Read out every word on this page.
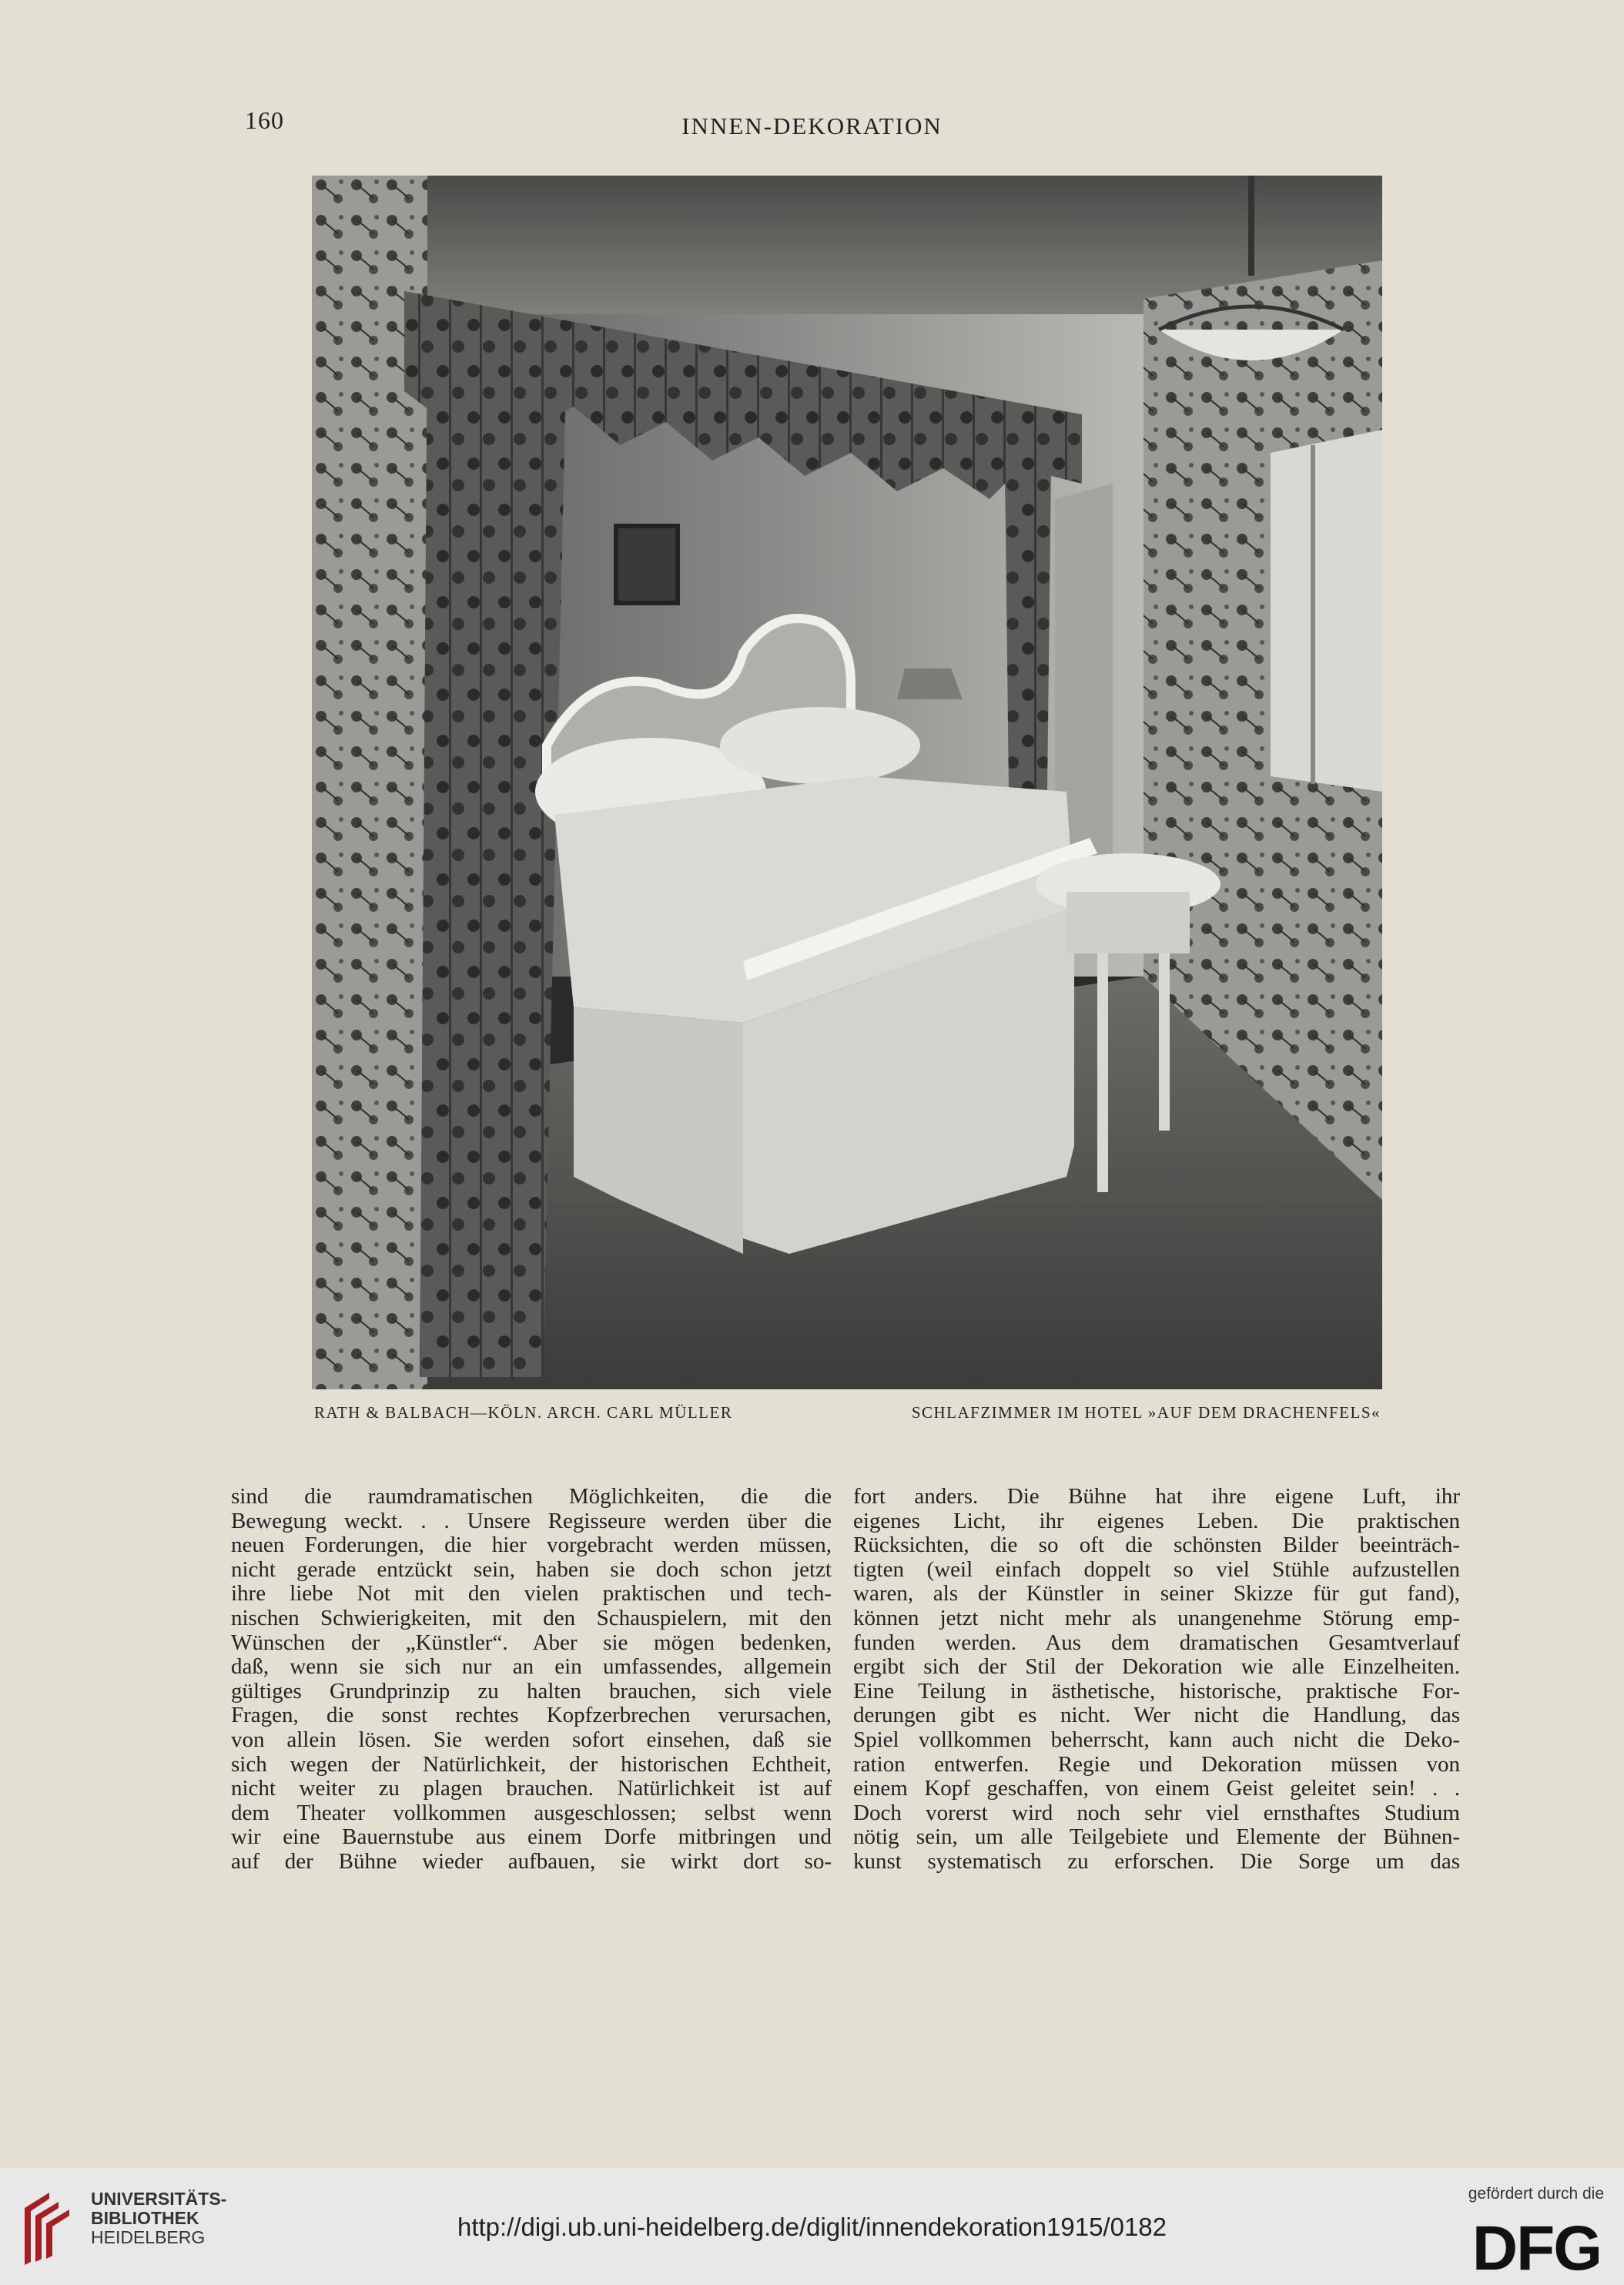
160	INNEN-DEKORATION
RATH & BALBACH—KÖLN. ARCH. CARL MÜLLER	SCHLAFZIMMER IM HOTEL »AUF DEM DRACHENFELS«
sind die raumdramatischen Möglichkeiten, die die
Bewegung weckt. . . Unsere Regisseure werden über die
neuen Forderungen, die hier vorgebracht werden müssen,
nicht gerade entzückt sein, haben sie doch schon jetzt
ihre liebe Not mit den vielen praktischen und tech-
nischen Schwierigkeiten, mit den Schauspielern, mit den
Wünschen der „Künstler“. Aber sie mögen bedenken,
daß, wenn sie sich nur an ein umfassendes, allgemein
gültiges Grundprinzip zu halten brauchen, sich viele
Fragen, die sonst rechtes Kopfzerbrechen verursachen,
von allein lösen. Sie werden sofort einsehen, daß sie
sich wegen der Natürlichkeit, der historischen Echtheit,
nicht weiter zu plagen brauchen. Natürlichkeit ist auf
dem Theater vollkommen ausgeschlossen; selbst wenn
wir eine Bauernstube aus einem Dorfe mitbringen und
auf der Bühne wieder aufbauen, sie wirkt dort so-
fort anders. Die Bühne hat ihre eigene Luft, ihr
eigenes Licht, ihr eigenes Leben. Die praktischen
Rücksichten, die so oft die schönsten Bilder beeinträch-
tigten (weil einfach doppelt so viel Stühle aufzustellen
waren, als der Künstler in seiner Skizze für gut fand),
können jetzt nicht mehr als unangenehme Störung emp-
funden werden. Aus dem dramatischen Gesamtverlauf
ergibt sich der Stil der Dekoration wie alle Einzelheiten.
Eine Teilung in ästhetische, historische, praktische For-
derungen gibt es nicht. Wer nicht die Handlung, das
Spiel vollkommen beherrscht, kann auch nicht die Deko-
ration entwerfen. Regie und Dekoration müssen von
einem Kopf geschaffen, von einem Geist geleitet sein! . .
Doch vorerst wird noch sehr viel ernsthaftes Studium
nötig sein, um alle Teilgebiete und Elemente der Bühnen-
kunst systematisch zu erforschen. Die Sorge um das
UNIVERSITÄTS-
BIBLIOTHEK
HEIDELBERG	http://digi.ub.uni-heidelberg.de/diglit/innendekoration1915/0182
gefördert durch die
DFG
